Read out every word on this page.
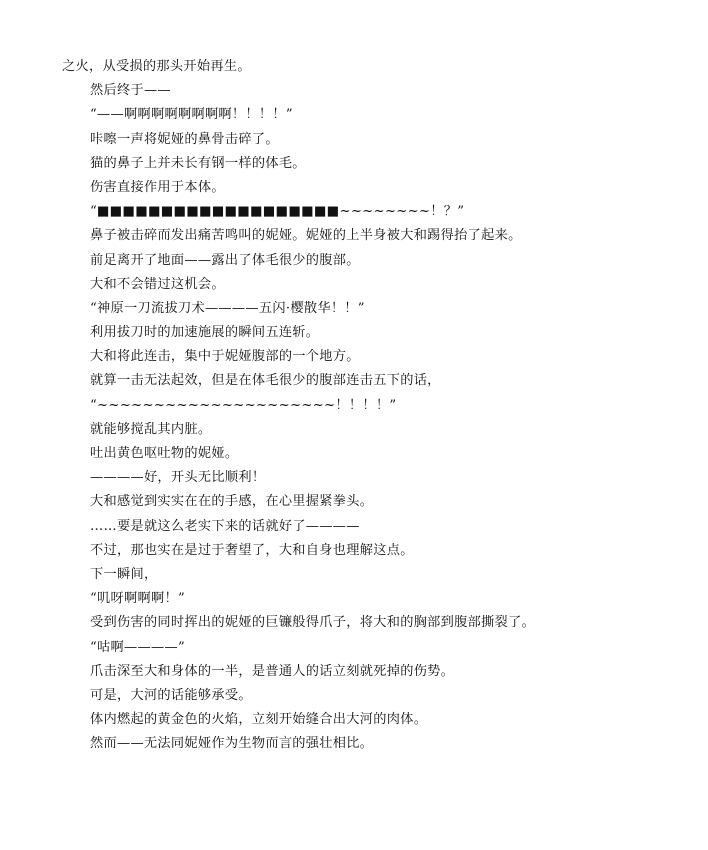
之火，从受损的那头开始再生。
然后终于——
“——啊啊啊啊啊啊啊啊！！！！”
咔嚓一声将妮娅的鼻骨击碎了。
猫的鼻子上并未长有钢一样的体毛。
伤害直接作用于本体。
“■■■■■■■■■■■■■■■■■■■~~~~~~~~！？”
鼻子被击碎而发出痛苦鸣叫的妮娅。妮娅的上半身被大和踢得抬了起来。
前足离开了地面——露出了体毛很少的腹部。
大和不会错过这机会。
“神原一刀流拔刀术————五闪·樱散华！！”
利用拔刀时的加速施展的瞬间五连斩。
大和将此连击，集中于妮娅腹部的一个地方。
就算一击无法起效，但是在体毛很少的腹部连击五下的话，
“~~~~~~~~~~~~~~~~~~~~~！！！！”
就能够搅乱其内脏。
吐出黄色呕吐物的妮娅。
————好，开头无比顺利！
大和感觉到实实在在的手感，在心里握紧拳头。
……要是就这么老实下来的话就好了————
不过，那也实在是过于奢望了，大和自身也理解这点。
下一瞬间，
“叽呀啊啊啊！”
受到伤害的同时挥出的妮娅的巨镰般得爪子，将大和的胸部到腹部撕裂了。
“咕啊————”
爪击深至大和身体的一半，是普通人的话立刻就死掉的伤势。
可是，大河的话能够承受。
体内燃起的黄金色的火焰，立刻开始缝合出大河的肉体。
然而——无法同妮娅作为生物而言的强壮相比。
